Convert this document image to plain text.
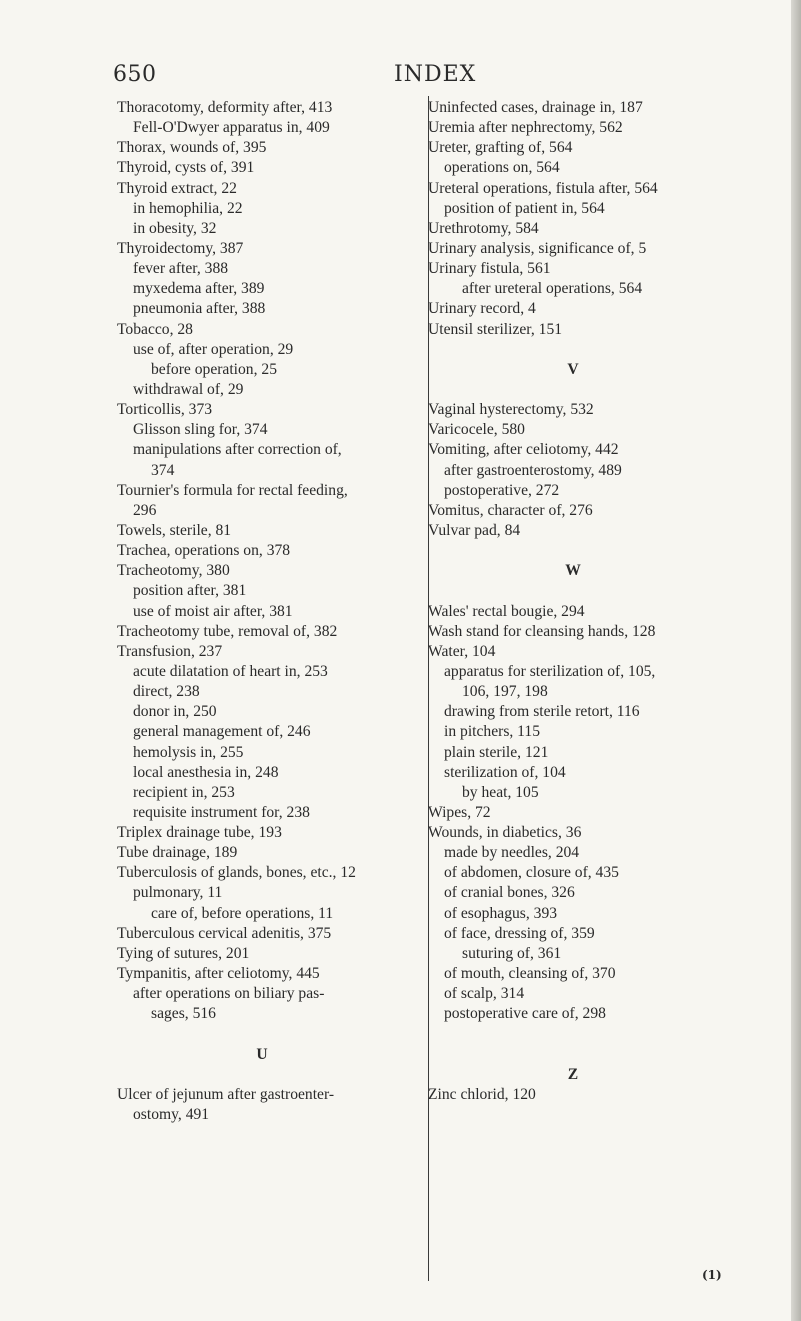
650	INDEX
Thoracotomy, deformity after, 413
Fell-O'Dwyer apparatus in, 409
Thorax, wounds of, 395
Thyroid, cysts of, 391
Thyroid extract, 22
in hemophilia, 22
in obesity, 32
Thyroidectomy, 387
fever after, 388
myxedema after, 389
pneumonia after, 388
Tobacco, 28
use of, after operation, 29
before operation, 25
withdrawal of, 29
Torticollis, 373
Glisson sling for, 374
manipulations after correction of,
374
Tournier's formula for rectal feeding,
296
Towels, sterile, 81
Trachea, operations on, 378
Tracheotomy, 380
position after, 381
use of moist air after, 381
Tracheotomy tube, removal of, 382
Transfusion, 237
acute dilatation of heart in, 253
direct, 238
donor in, 250
general management of, 246
hemolysis in, 255
local anesthesia in, 248
recipient in, 253
requisite instrument for, 238
Triplex drainage tube, 193
Tube drainage, 189
Tuberculosis of glands, bones, etc., 12
pulmonary, 11
care of, before operations, 11
Tuberculous cervical adenitis, 375
Tying of sutures, 201
Tympanitis, after celiotomy, 445
after operations on biliary pas-
sages, 516
U
Ulcer of jejunum after gastroenter-
ostomy, 491
Uninfected cases, drainage in, 187
Uremia after nephrectomy, 562
Ureter, grafting of, 564
operations on, 564
Ureteral operations, fistula after, 564
position of patient in, 564
Urethrotomy, 584
Urinary analysis, significance of, 5
Urinary fistula, 561
after ureteral operations, 564
Urinary record, 4
Utensil sterilizer, 151
V
Vaginal hysterectomy, 532
Varicocele, 580
Vomiting, after celiotomy, 442
after gastroenterostomy, 489
postoperative, 272
Vomitus, character of, 276
Vulvar pad, 84
W
Wales' rectal bougie, 294
Wash stand for cleansing hands, 128
Water, 104
apparatus for sterilization of, 105,
106, 197, 198
drawing from sterile retort, 116
in pitchers, 115
plain sterile, 121
sterilization of, 104
by heat, 105
Wipes, 72
Wounds, in diabetics, 36
made by needles, 204
of abdomen, closure of, 435
of cranial bones, 326
of esophagus, 393
of face, dressing of, 359
suturing of, 361
of mouth, cleansing of, 370
of scalp, 314
postoperative care of, 298
Z
Zinc chlorid, 120
(1)
